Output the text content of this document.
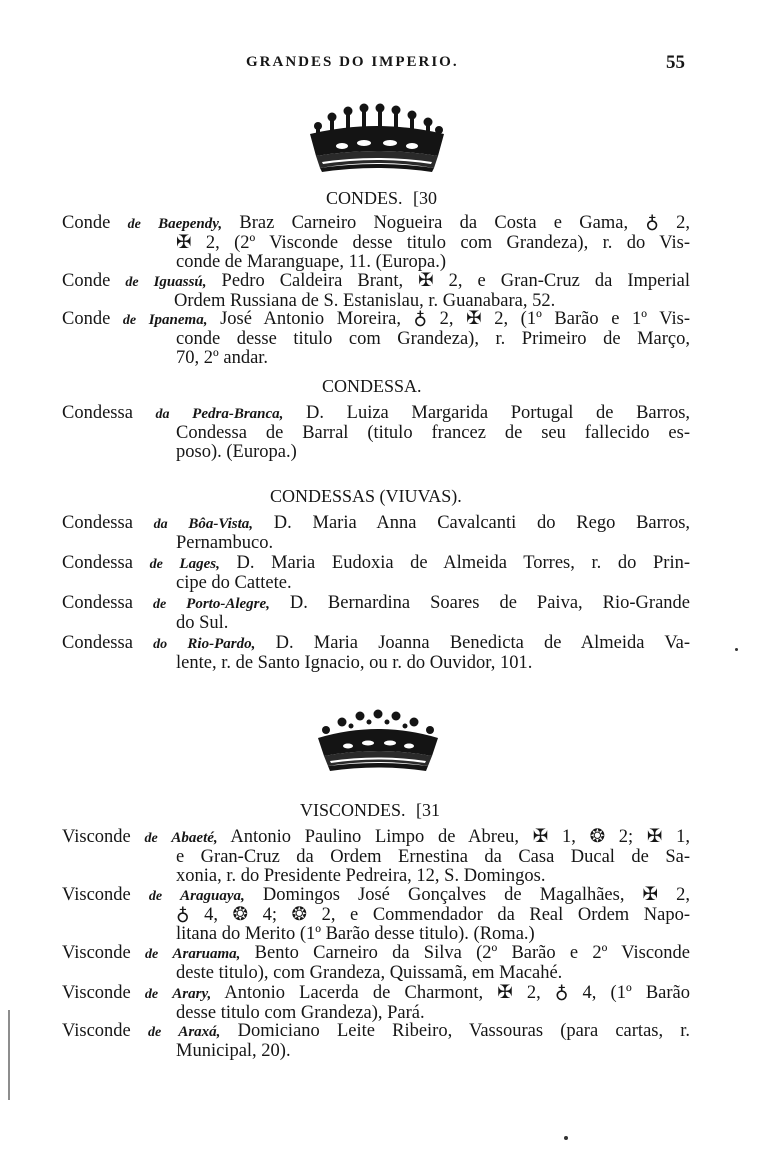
GRANDES DO IMPERIO.	55
CONDES. [30
Conde de Baependy, Braz Carneiro Nogueira da Costa e Gama, ♁ 2,
✠ 2, (2º Visconde desse titulo com Grandeza), r. do Vis-
conde de Maranguape, 11. (Europa.)
Conde de Iguassú, Pedro Caldeira Brant, ✠ 2, e Gran-Cruz da Imperial
Ordem Russiana de S. Estanislau, r. Guanabara, 52.
Conde de Ipanema, José Antonio Moreira, ♁ 2, ✠ 2, (1º Barão e 1º Vis-
conde desse titulo com Grandeza), r. Primeiro de Março,
70, 2º andar.
CONDESSA.
Condessa da Pedra-Branca, D. Luiza Margarida Portugal de Barros,
Condessa de Barral (titulo francez de seu fallecido es-
poso). (Europa.)
CONDESSAS (VIUVAS).
Condessa da Bôa-Vista, D. Maria Anna Cavalcanti do Rego Barros,
Pernambuco.
Condessa de Lages, D. Maria Eudoxia de Almeida Torres, r. do Prin-
cipe do Cattete.
Condessa de Porto-Alegre, D. Bernardina Soares de Paiva, Rio-Grande
do Sul.
Condessa do Rio-Pardo, D. Maria Joanna Benedicta de Almeida Va-
lente, r. de Santo Ignacio, ou r. do Ouvidor, 101.
VISCONDES. [31
Visconde de Abaeté, Antonio Paulino Limpo de Abreu, ✠ 1, ❂ 2; ✠ 1,
e Gran-Cruz da Ordem Ernestina da Casa Ducal de Sa-
xonia, r. do Presidente Pedreira, 12, S. Domingos.
Visconde de Araguaya, Domingos José Gonçalves de Magalhães, ✠ 2,
♁ 4, ❂ 4; ❂ 2, e Commendador da Real Ordem Napo-
litana do Merito (1º Barão desse titulo). (Roma.)
Visconde de Araruama, Bento Carneiro da Silva (2º Barão e 2º Visconde
deste titulo), com Grandeza, Quissamã, em Macahé.
Visconde de Arary, Antonio Lacerda de Charmont, ✠ 2, ♁ 4, (1º Barão
desse titulo com Grandeza), Pará.
Visconde de Araxá, Domiciano Leite Ribeiro, Vassouras (para cartas, r.
Municipal, 20).
